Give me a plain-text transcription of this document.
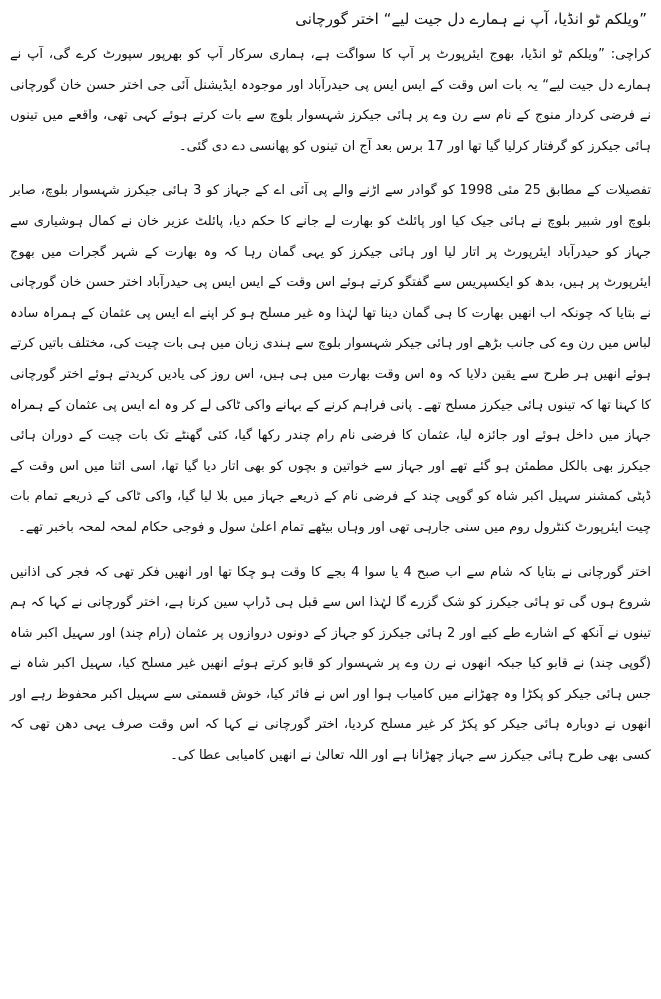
”ویلکم ٹو انڈیا، آپ نے ہمارے دل جیت لیے“ اختر گورچانی

کراچی: ”ویلکم ٹو انڈیا، بھوج ایئرپورٹ پر آپ کا سواگت ہے، ہماری سرکار آپ کو بھرپور سپورٹ کرے گی، آپ نے ہمارے دل جیت لیے“ یہ بات اس وقت کے ایس ایس پی حیدرآباد اور موجودہ ایڈیشنل آئی جی اختر حسن خان گورچانی نے فرضی کردار منوج کے نام سے رن وے پر ہائی جیکرز شہسوار بلوچ سے بات کرتے ہوئے کہی تھی، واقعے میں تینوں ہائی جیکرز کو گرفتار کرلیا گیا تھا اور 17 برس بعد آج ان تینوں کو پھانسی دے دی گئی۔

تفصیلات کے مطابق 25 مئی 1998 کو گوادر سے اڑنے والے پی آئی اے کے جہاز کو 3 ہائی جیکرز شہسوار بلوچ، صابر بلوچ اور شبیر بلوچ نے ہائی جیک کیا اور پائلٹ کو بھارت لے جانے کا حکم دیا، پائلٹ عزیر خان نے کمال ہوشیاری سے جہاز کو حیدرآباد ایئرپورٹ پر اتار لیا اور ہائی جیکرز کو یہی گمان رہا کہ وہ بھارت کے شہر گجرات میں بھوج ایئرپورٹ پر ہیں، بدھ کو ایکسپریس سے گفتگو کرتے ہوئے اس وقت کے ایس ایس پی حیدرآباد اختر حسن خان گورچانی نے بتایا کہ چونکہ اب انھیں بھارت کا ہی گمان دینا تھا لہٰذا وہ غیر مسلح ہو کر اپنے اے ایس پی عثمان کے ہمراہ سادہ لباس میں رن وے کی جانب بڑھے اور ہائی جیکر شہسوار بلوچ سے ہندی زبان میں ہی بات چیت کی، مختلف باتیں کرتے ہوئے انھیں ہر طرح سے یقین دلایا کہ وہ اس وقت بھارت میں ہی ہیں، اس روز کی یادیں کریدتے ہوئے اختر گورچانی کا کہنا تھا کہ تینوں ہائی جیکرز مسلح تھے۔ پانی فراہم کرنے کے بہانے واکی ٹاکی لے کر وہ اے ایس پی عثمان کے ہمراہ جہاز میں داخل ہوئے اور جائزہ لیا، عثمان کا فرضی نام رام چندر رکھا گیا، کئی گھنٹے تک بات چیت کے دوران ہائی جیکرز بھی بالکل مطمئن ہو گئے تھے اور جہاز سے خواتین و بچوں کو بھی اتار دیا گیا تھا، اسی اثنا میں اس وقت کے ڈپٹی کمشنر سہیل اکبر شاہ کو گوپی چند کے فرضی نام کے ذریعے جہاز میں بلا لیا گیا، واکی ٹاکی کے ذریعے تمام بات چیت ایئرپورٹ کنٹرول روم میں سنی جارہی تھی اور وہاں بیٹھے تمام اعلیٰ سول و فوجی حکام لمحہ لمحہ باخبر تھے۔

اختر گورچانی نے بتایا کہ شام سے اب صبح 4 یا سوا 4 بجے کا وقت ہو چکا تھا اور انھیں فکر تھی کہ فجر کی اذانیں شروع ہوں گی تو ہائی جیکرز کو شک گزرے گا لہٰذا اس سے قبل ہی ڈراپ سین کرنا ہے، اختر گورچانی نے کہا کہ ہم تینوں نے آنکھ کے اشارے طے کیے اور 2 ہائی جیکرز کو جہاز کے دونوں دروازوں پر عثمان (رام چند) اور سہیل اکبر شاہ (گوپی چند) نے قابو کیا جبکہ انھوں نے رن وے پر شہسوار کو قابو کرتے ہوئے انھیں غیر مسلح کیا، سہیل اکبر شاہ نے جس ہائی جیکر کو پکڑا وہ چھڑانے میں کامیاب ہوا اور اس نے فائر کیا، خوش قسمتی سے سہیل اکبر محفوظ رہے اور انھوں نے دوبارہ ہائی جیکر کو پکڑ کر غیر مسلح کردیا، اختر گورچانی نے کہا کہ اس وقت صرف یہی دھن تھی کہ کسی بھی طرح ہائی جیکرز سے جہاز چھڑانا ہے اور اللہ تعالیٰ نے انھیں کامیابی عطا کی۔
